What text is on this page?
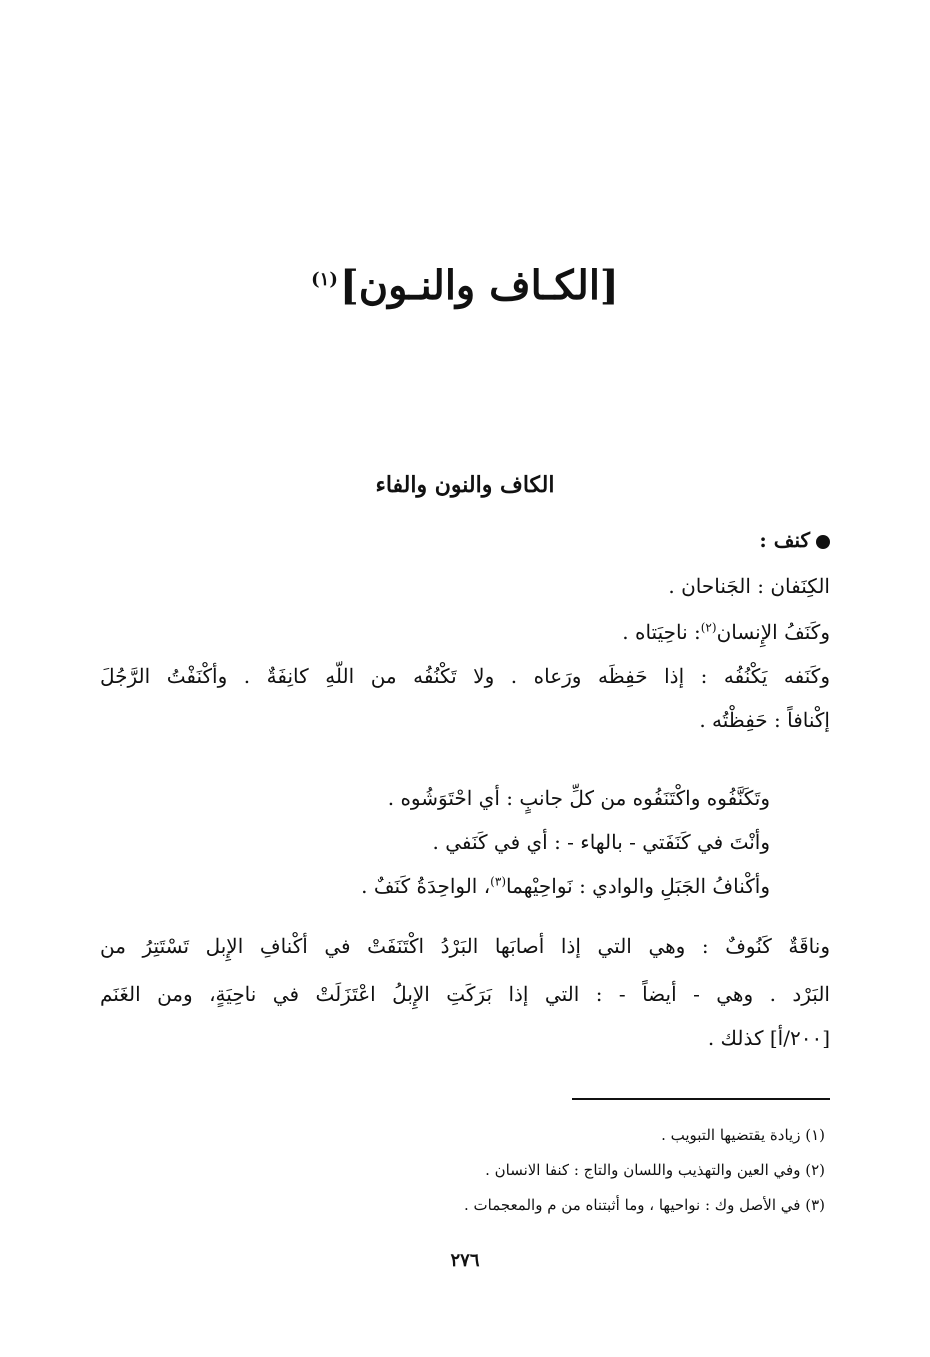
[الكـاف والنـون]$^{(١)}$
الكاف والنون والفاء
كنف :
الكِنَفان : الجَناحان .
وكَنَفُ الإِنسان$^{(٢)}$: ناحِيَتاه .
وكَنَفه يَكْنُفُه : إذا حَفِظَه ورَعاه . ولا تَكْنُفُه من اللّهِ كانِفَةٌ . وأكْنَفْتُ الرَّجُلَ
إكْنافاً : حَفِظْتُه .
وتَكَنَّفُوه واكْتَنَفُوه من كلِّ جانبٍ : أي احْتَوَشُوه .
وأنْتَ في كَنَفَتي - بالهاء - : أي في كَنَفي .
وأكْنافُ الجَبَلِ والوادي : نَواحِيْهما$^{(٣)}$، الواحِدَةُ كَنَفٌ .
وناقَةٌ كَنُوفٌ : وهي التي إذا أصابَها البَرْدُ اكْتَنَفَتْ في أكْنافِ الإِبل تَسْتَتِرُ من
البَرْد . وهي - أيضاً - : التي إذا بَرَكَتِ الإِبلُ اعْتَزَلَتْ في ناحِيَةٍ، ومن الغَنَم
[٢٠٠/أ] كذلك .
(١) زيادة يقتضيها التبويب .
(٢) وفي العين والتهذيب واللسان والتاج : كنفا الانسان .
(٣) في الأصل وك : نواحيها ، وما أثبتناه من م والمعجمات .
٢٧٦
